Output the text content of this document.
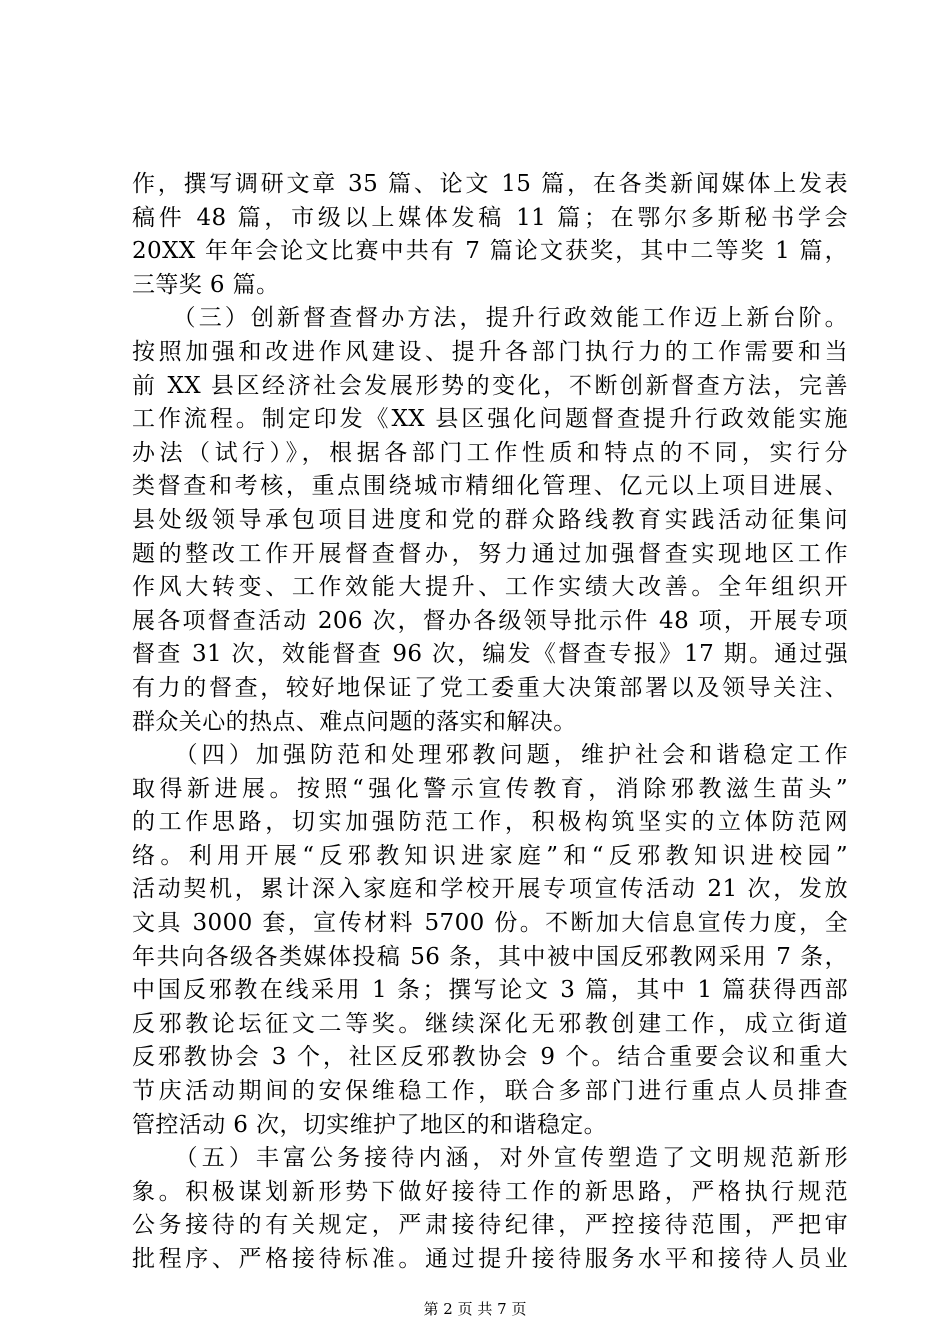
作，撰写调研文章 35 篇、论文 15 篇，在各类新闻媒体上发表
稿件 48 篇，市级以上媒体发稿 11 篇；在鄂尔多斯秘书学会
20XX 年年会论文比赛中共有 7 篇论文获奖，其中二等奖 1 篇，
三等奖 6 篇。
　　（三）创新督查督办方法，提升行政效能工作迈上新台阶。
按照加强和改进作风建设、提升各部门执行力的工作需要和当
前 XX 县区经济社会发展形势的变化，不断创新督查方法，完善
工作流程。制定印发《XX 县区强化问题督查提升行政效能实施
办法（试行）》，根据各部门工作性质和特点的不同，实行分
类督查和考核，重点围绕城市精细化管理、亿元以上项目进展、
县处级领导承包项目进度和党的群众路线教育实践活动征集问
题的整改工作开展督查督办，努力通过加强督查实现地区工作
作风大转变、工作效能大提升、工作实绩大改善。全年组织开
展各项督查活动 206 次，督办各级领导批示件 48 项，开展专项
督查 31 次，效能督查 96 次，编发《督查专报》17 期。通过强
有力的督查，较好地保证了党工委重大决策部署以及领导关注、
群众关心的热点、难点问题的落实和解决。
　　（四）加强防范和处理邪教问题，维护社会和谐稳定工作
取得新进展。按照“强化警示宣传教育，消除邪教滋生苗头”
的工作思路，切实加强防范工作，积极构筑坚实的立体防范网
络。利用开展“反邪教知识进家庭”和“反邪教知识进校园”
活动契机，累计深入家庭和学校开展专项宣传活动 21 次，发放
文具 3000 套，宣传材料 5700 份。不断加大信息宣传力度，全
年共向各级各类媒体投稿 56 条，其中被中国反邪教网采用 7 条，
中国反邪教在线采用 1 条；撰写论文 3 篇，其中 1 篇获得西部
反邪教论坛征文二等奖。继续深化无邪教创建工作，成立街道
反邪教协会 3 个，社区反邪教协会 9 个。结合重要会议和重大
节庆活动期间的安保维稳工作，联合多部门进行重点人员排查
管控活动 6 次，切实维护了地区的和谐稳定。
　　（五）丰富公务接待内涵，对外宣传塑造了文明规范新形
象。积极谋划新形势下做好接待工作的新思路，严格执行规范
公务接待的有关规定，严肃接待纪律，严控接待范围，严把审
批程序、严格接待标准。通过提升接待服务水平和接待人员业
第 2 页 共 7 页
